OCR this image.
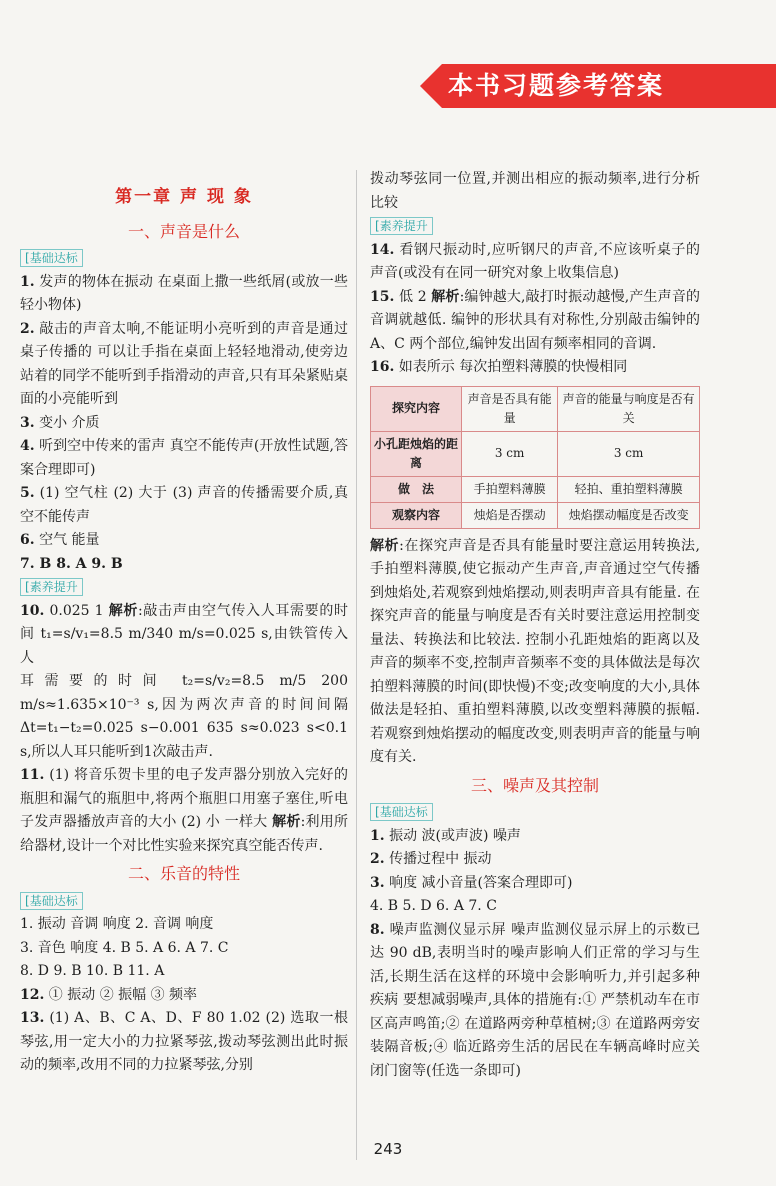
本书习题参考答案
第一章 声 现 象
一、声音是什么
[ 基础达标

1. 发声的物体在振动 在桌面上撒一些纸屑(或放一些轻小物体)

2. 敲击的声音太响,不能证明小亮听到的声音是通过桌子传播的 可以让手指在桌面上轻轻地滑动,使旁边站着的同学不能听到手指滑动的声音,只有耳朵紧贴桌面的小亮能听到

3. 变小 介质

4. 听到空中传来的雷声 真空不能传声(开放性试题,答案合理即可)

5. (1) 空气柱 (2) 大于 (3) 声音的传播需要介质,真空不能传声

6. 空气 能量

7. B 8. A 9. B

[ 素养提升

10. 0.025 1 解析:敲击声由空气传入人耳需要的时间 t₁=s/v₁=8.5 m/340 m/s=0.025 s,由铁管传入人

耳需要的时间 t₂=s/v₂=8.5 m/5 200 m/s≈1.635×10⁻³ s,因为两次声音的时间间隔 Δt=t₁−t₂=0.025 s−0.001 635 s≈0.023 s<0.1 s,所以人耳只能听到1次敲击声.

11. (1) 将音乐贺卡里的电子发声器分别放入完好的瓶胆和漏气的瓶胆中,将两个瓶胆口用塞子塞住,听电子发声器播放声音的大小 (2) 小 一样大 解析:利用所给器材,设计一个对比性实验来探究真空能否传声.

二、乐音的特性
[ 基础达标

1. 振动 音调 响度 2. 音调 响度

3. 音色 响度 4. B 5. A 6. A 7. C

8. D 9. B 10. B 11. A

12. ① 振动 ② 振幅 ③ 频率

13. (1) A、B、C A、D、F 80 1.02 (2) 选取一根琴弦,用一定大小的力拉紧琴弦,拨动琴弦测出此时振动的频率,改用不同的力拉紧琴弦,分别

拨动琴弦同一位置,并测出相应的振动频率,进行分析比较

[ 素养提升

14. 看钢尺振动时,应听钢尺的声音,不应该听桌子的声音(或没有在同一研究对象上收集信息)

15. 低 2 解析:编钟越大,敲打时振动越慢,产生声音的音调就越低. 编钟的形状具有对称性,分别敲击编钟的 A、C 两个部位,编钟发出固有频率相同的音调.

16. 如表所示 每次拍塑料薄膜的快慢相同

探究内容	声音是否具有能量	声音的能量与响度是否有关
小孔距烛焰的距离	3 cm	3 cm
做　法	手拍塑料薄膜	轻拍、重拍塑料薄膜
观察内容	烛焰是否摆动	烛焰摆动幅度是否改变

解析:在探究声音是否具有能量时要注意运用转换法,手拍塑料薄膜,使它振动产生声音,声音通过空气传播到烛焰处,若观察到烛焰摆动,则表明声音具有能量. 在探究声音的能量与响度是否有关时要注意运用控制变量法、转换法和比较法. 控制小孔距烛焰的距离以及声音的频率不变,控制声音频率不变的具体做法是每次拍塑料薄膜的时间(即快慢)不变;改变响度的大小,具体做法是轻拍、重拍塑料薄膜,以改变塑料薄膜的振幅. 若观察到烛焰摆动的幅度改变,则表明声音的能量与响度有关.

三、噪声及其控制
[ 基础达标

1. 振动 波(或声波) 噪声

2. 传播过程中 振动

3. 响度 减小音量(答案合理即可)

4. B 5. D 6. A 7. C

8. 噪声监测仪显示屏 噪声监测仪显示屏上的示数已达 90 dB,表明当时的噪声影响人们正常的学习与生活,长期生活在这样的环境中会影响听力,并引起多种疾病 要想减弱噪声,具体的措施有:① 严禁机动车在市区高声鸣笛;② 在道路两旁种草植树;③ 在道路两旁安装隔音板;④ 临近路旁生活的居民在车辆高峰时应关闭门窗等(任选一条即可)

243
